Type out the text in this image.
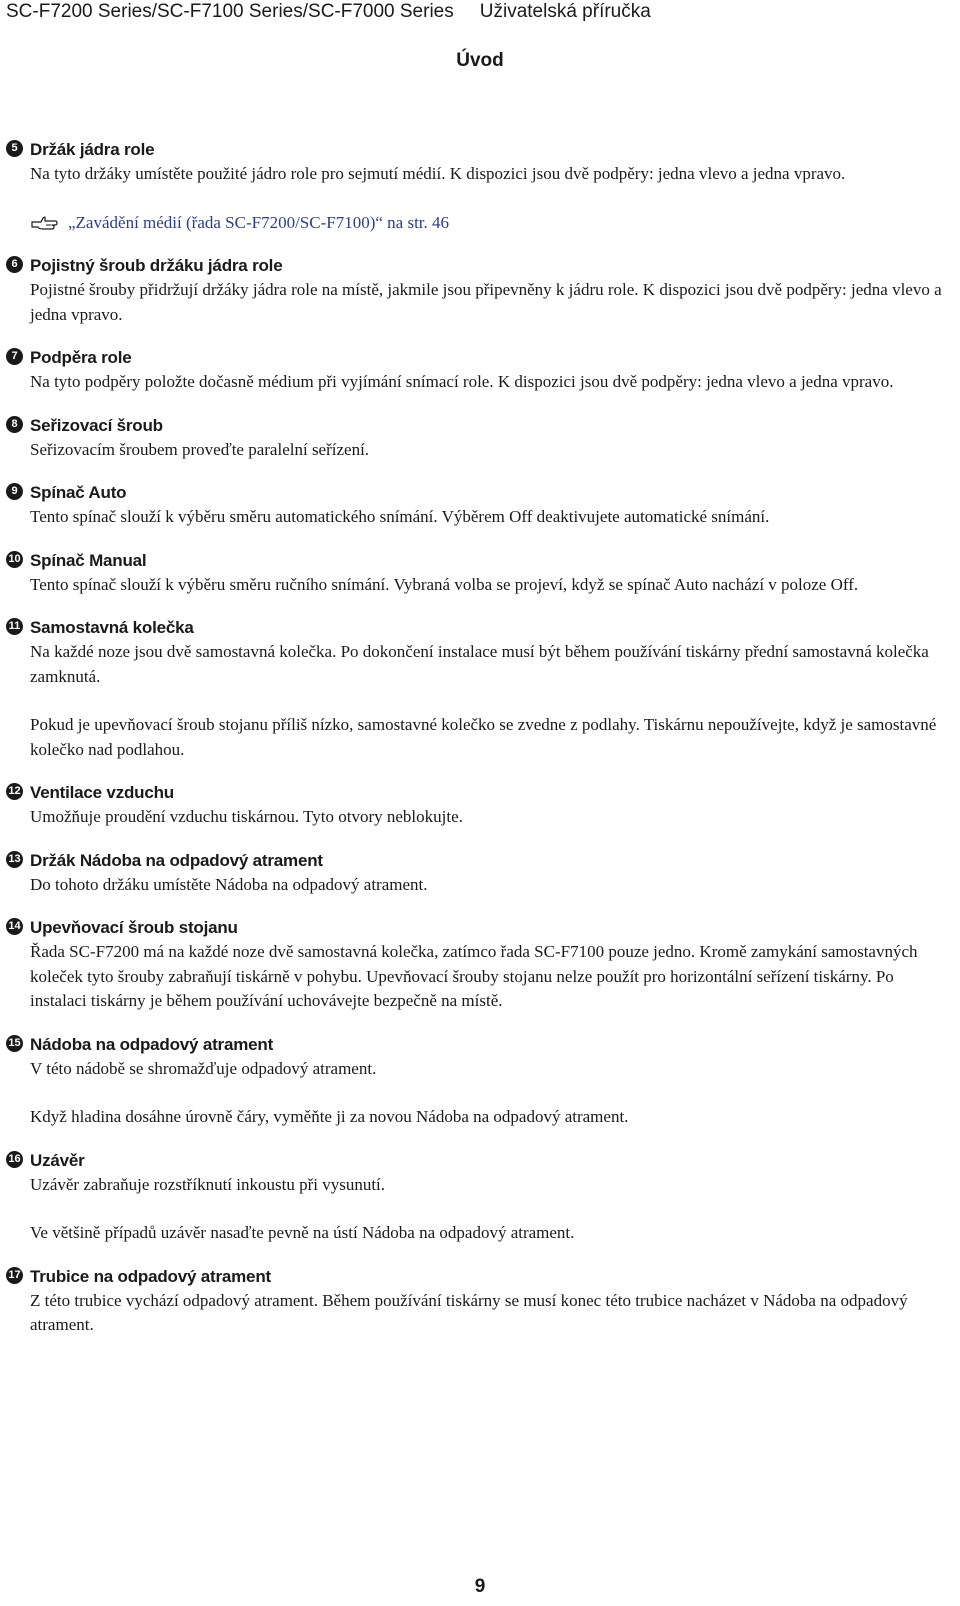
SC-F7200 Series/SC-F7100 Series/SC-F7000 Series Uživatelská příručka
Úvod
5 Držák jádra role
Na tyto držáky umístěte použité jádro role pro sejmutí médií. K dispozici jsou dvě podpěry: jedna vlevo a jedna vpravo.
„Zavádění médií (řada SC-F7200/SC-F7100)“ na str. 46
6 Pojistný šroub držáku jádra role
Pojistné šrouby přidržují držáky jádra role na místě, jakmile jsou připevněny k jádru role. K dispozici jsou dvě podpěry: jedna vlevo a jedna vpravo.
7 Podpěra role
Na tyto podpěry položte dočasně médium při vyjímání snímací role. K dispozici jsou dvě podpěry: jedna vlevo a jedna vpravo.
8 Seřizovací šroub
Seřizovacím šroubem proveďte paralelní seřízení.
9 Spínač Auto
Tento spínač slouží k výběru směru automatického snímání. Výběrem Off deaktivujete automatické snímání.
10 Spínač Manual
Tento spínač slouží k výběru směru ručního snímání. Vybraná volba se projeví, když se spínač Auto nachází v poloze Off.
11 Samostavná kolečka
Na každé noze jsou dvě samostavná kolečka. Po dokončení instalace musí být během používání tiskárny přední samostavná kolečka zamknutá.
Pokud je upevňovací šroub stojanu příliš nízko, samostavné kolečko se zvedne z podlahy. Tiskárnu nepoužívejte, když je samostavné kolečko nad podlahou.
12 Ventilace vzduchu
Umožňuje proudění vzduchu tiskárnou. Tyto otvory neblokujte.
13 Držák Nádoba na odpadový atrament
Do tohoto držáku umístěte Nádoba na odpadový atrament.
14 Upevňovací šroub stojanu
Řada SC-F7200 má na každé noze dvě samostavná kolečka, zatímco řada SC-F7100 pouze jedno. Kromě zamykání samostavných koleček tyto šrouby zabraňují tiskárně v pohybu. Upevňovací šrouby stojanu nelze použít pro horizontální seřízení tiskárny. Po instalaci tiskárny je během používání uchovávejte bezpečně na místě.
15 Nádoba na odpadový atrament
V této nádobě se shromažďuje odpadový atrament.
Když hladina dosáhne úrovně čáry, vyměňte ji za novou Nádoba na odpadový atrament.
16 Uzávěr
Uzávěr zabraňuje rozstříknutí inkoustu při vysunutí.
Ve většině případů uzávěr nasaďte pevně na ústí Nádoba na odpadový atrament.
17 Trubice na odpadový atrament
Z této trubice vychází odpadový atrament. Během používání tiskárny se musí konec této trubice nacházet v Nádoba na odpadový atrament.
9
